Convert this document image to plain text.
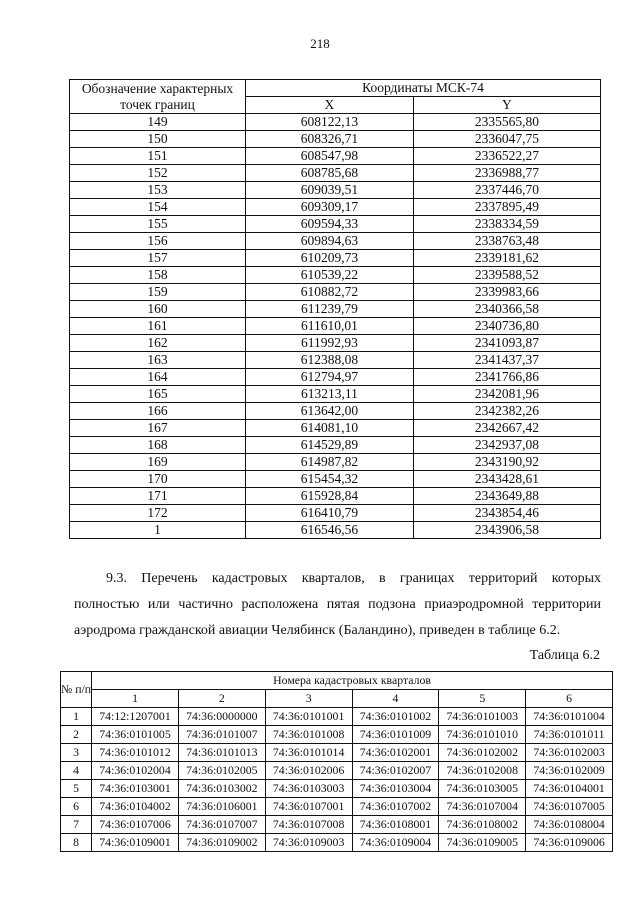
218
Обозначение характерных точек границ	Координаты МСК-74	
	X	Y
149	608122,13	2335565,80
150	608326,71	2336047,75
151	608547,98	2336522,27
152	608785,68	2336988,77
153	609039,51	2337446,70
154	609309,17	2337895,49
155	609594,33	2338334,59
156	609894,63	2338763,48
157	610209,73	2339181,62
158	610539,22	2339588,52
159	610882,72	2339983,66
160	611239,79	2340366,58
161	611610,01	2340736,80
162	611992,93	2341093,87
163	612388,08	2341437,37
164	612794,97	2341766,86
165	613213,11	2342081,96
166	613642,00	2342382,26
167	614081,10	2342667,42
168	614529,89	2342937,08
169	614987,82	2343190,92
170	615454,32	2343428,61
171	615928,84	2343649,88
172	616410,79	2343854,46
1	616546,56	2343906,58
9.3. Перечень кадастровых кварталов, в границах территорий которых
полностью или частично расположена пятая подзона приаэродромной территории
аэродрома гражданской авиации Челябинск (Баландино), приведен в таблице 6.2.
Таблица 6.2
№ п/п	Номера кадастровых кварталов					
	1	2	3	4	5	6
1	74:12:1207001	74:36:0000000	74:36:0101001	74:36:0101002	74:36:0101003	74:36:0101004
2	74:36:0101005	74:36:0101007	74:36:0101008	74:36:0101009	74:36:0101010	74:36:0101011
3	74:36:0101012	74:36:0101013	74:36:0101014	74:36:0102001	74:36:0102002	74:36:0102003
4	74:36:0102004	74:36:0102005	74:36:0102006	74:36:0102007	74:36:0102008	74:36:0102009
5	74:36:0103001	74:36:0103002	74:36:0103003	74:36:0103004	74:36:0103005	74:36:0104001
6	74:36:0104002	74:36:0106001	74:36:0107001	74:36:0107002	74:36:0107004	74:36:0107005
7	74:36:0107006	74:36:0107007	74:36:0107008	74:36:0108001	74:36:0108002	74:36:0108004
8	74:36:0109001	74:36:0109002	74:36:0109003	74:36:0109004	74:36:0109005	74:36:0109006
